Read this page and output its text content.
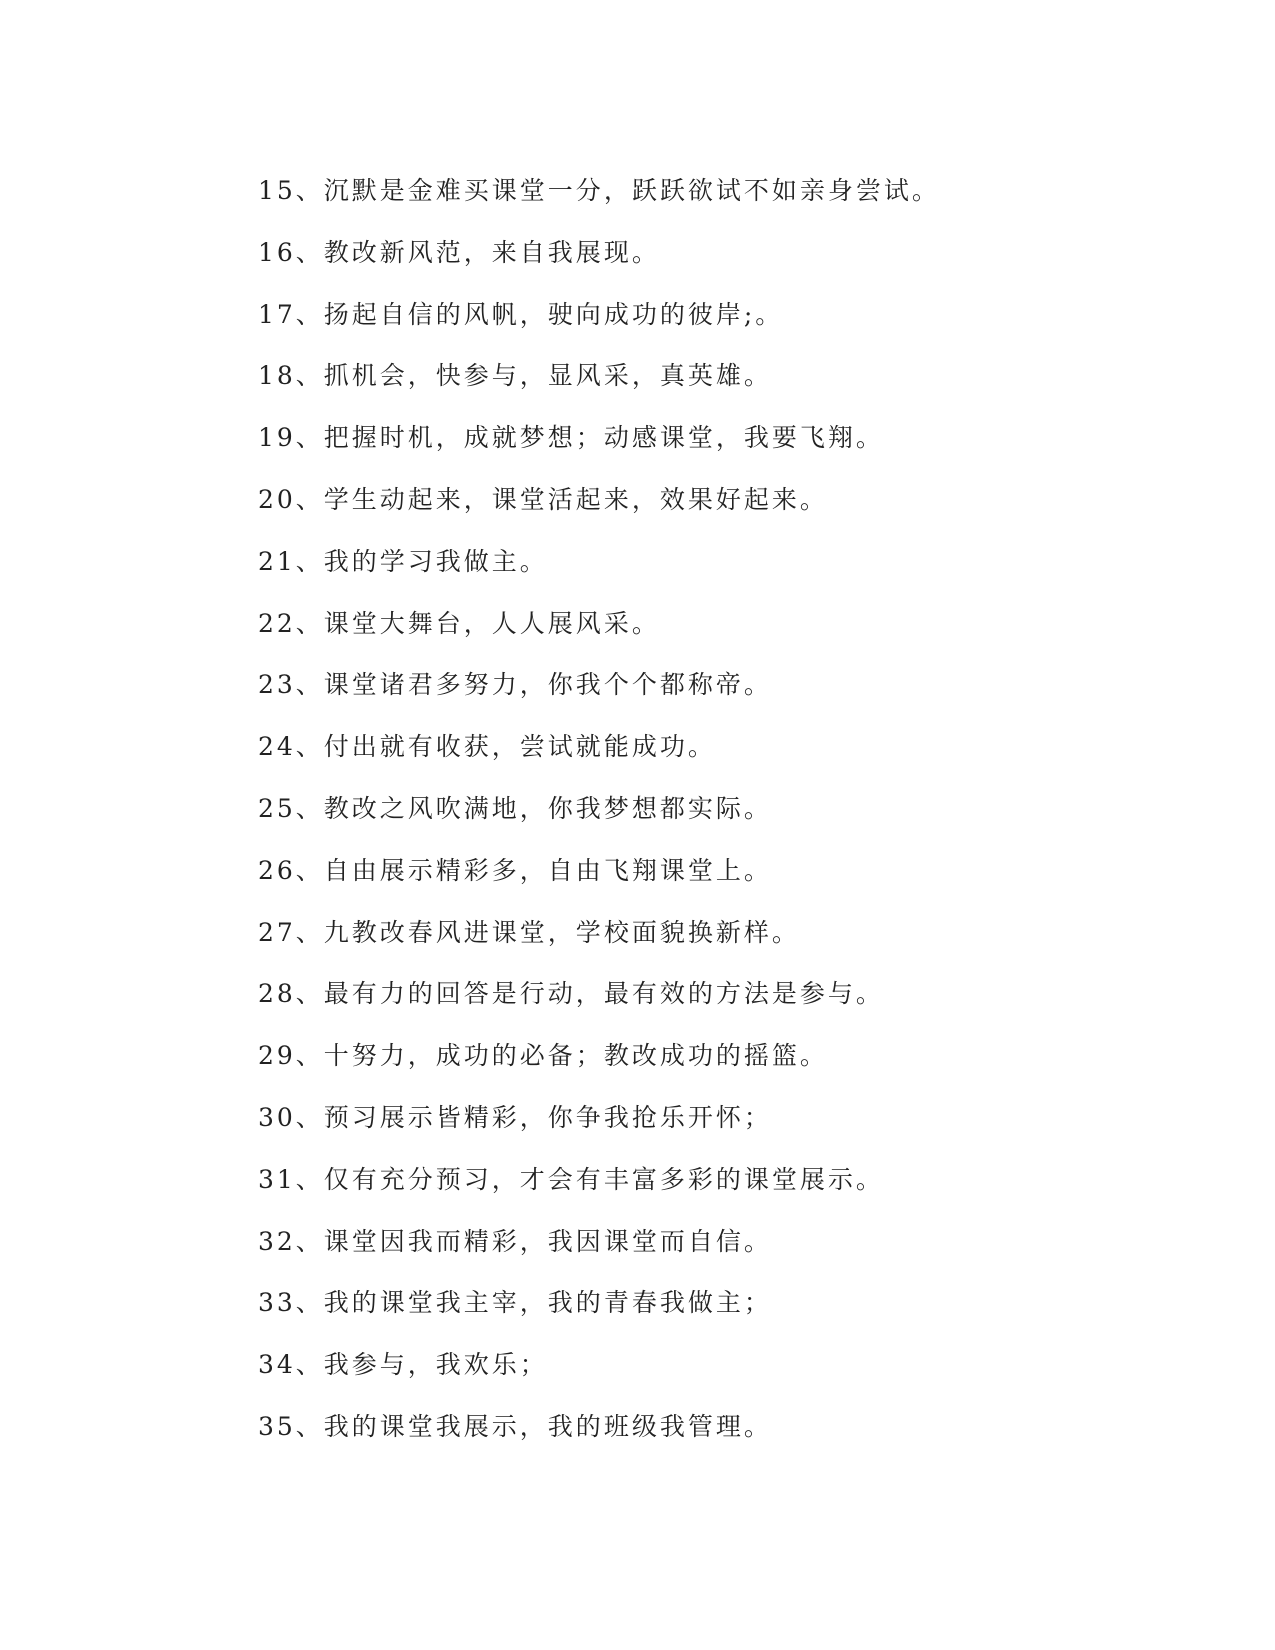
15、沉默是金难买课堂一分，跃跃欲试不如亲身尝试。
16、教改新风范，来自我展现。
17、扬起自信的风帆，驶向成功的彼岸;。
18、抓机会，快参与，显风采，真英雄。
19、把握时机，成就梦想；动感课堂，我要飞翔。
20、学生动起来，课堂活起来，效果好起来。
21、我的学习我做主。
22、课堂大舞台，人人展风采。
23、课堂诸君多努力，你我个个都称帝。
24、付出就有收获，尝试就能成功。
25、教改之风吹满地，你我梦想都实际。
26、自由展示精彩多，自由飞翔课堂上。
27、九教改春风进课堂，学校面貌换新样。
28、最有力的回答是行动，最有效的方法是参与。
29、十努力，成功的必备；教改成功的摇篮。
30、预习展示皆精彩，你争我抢乐开怀；
31、仅有充分预习，才会有丰富多彩的课堂展示。
32、课堂因我而精彩，我因课堂而自信。
33、我的课堂我主宰，我的青春我做主；
34、我参与，我欢乐；
35、我的课堂我展示，我的班级我管理。
